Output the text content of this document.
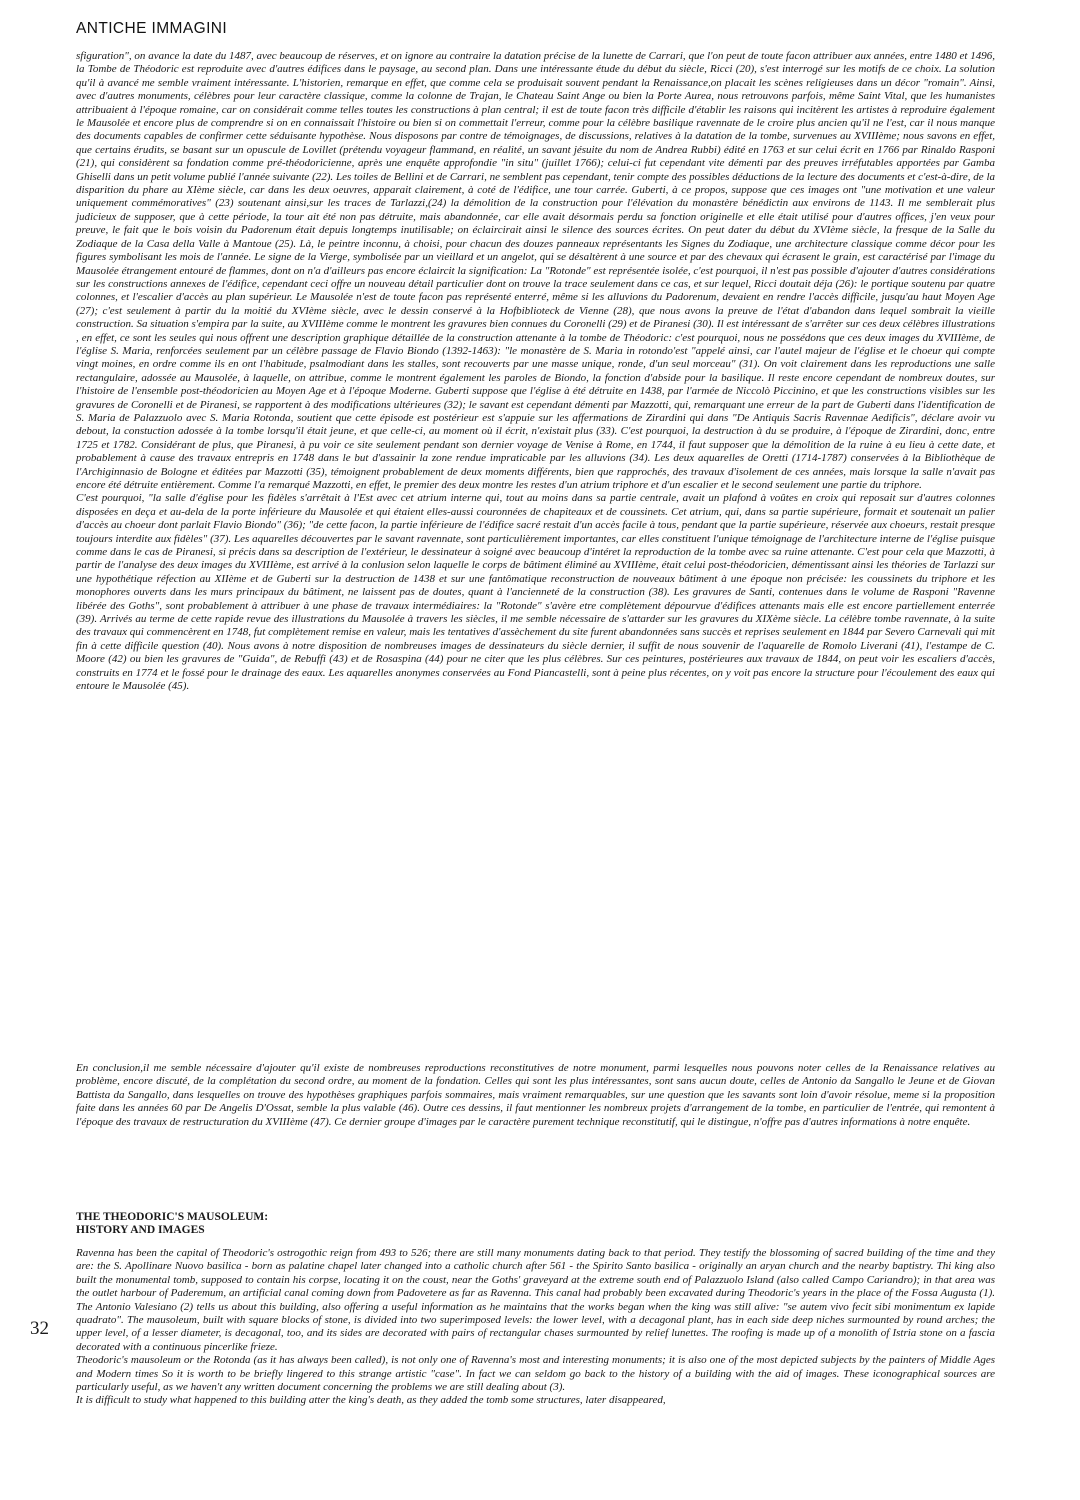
ANTICHE IMMAGINI

sfiguration", on avance la date du 1487, avec beaucoup de réserves, et on ignore au contraire la datation précise de la lunette de Carrari, que l'on peut de toute facon attribuer aux années, entre 1480 et 1496, la Tombe de Théodoric est reproduite avec d'autres édifices dans le paysage, au second plan. Dans une intéressante étude du début du siècle, Ricci (20), s'est interrogé sur les motifs de ce choix. La solution qu'il à avancé me semble vraiment intéressante. L'historien, remarque en effet, que comme cela se produisait souvent pendant la Renaissance,on placait les scènes religieuses dans un décor "romain". Ainsi, avec d'autres monuments, célèbres pour leur caractère classique, comme la colonne de Trajan, le Chateau Saint Ange ou bien la Porte Aurea, nous retrouvons parfois, même Saint Vital, que les humanistes attribuaient à l'époque romaine, car on considérait comme telles toutes les constructions à plan central; il est de toute facon très difficile d'établir les raisons qui incitèrent les artistes à reproduire également le Mausolée et encore plus de comprendre si on en connaissait l'histoire ou bien si on commettait l'erreur, comme pour la célèbre basilique ravennate de le croire plus ancien qu'il ne l'est, car il nous manque des documents capables de confirmer cette séduisante hypothèse. Nous disposons par contre de témoignages, de discussions, relatives à la datation de la tombe, survenues au XVIIIème; nous savons en effet, que certains érudits, se basant sur un opuscule de Lovillet (prétendu voyageur flammand, en réalité, un savant jésuite du nom de Andrea Rubbi) édité en 1763 et sur celui écrit en 1766 par Rinaldo Rasponi (21), qui considèrent sa fondation comme pré-théodoricienne, après une enquête approfondie "in situ" (juillet 1766); celui-ci fut cependant vite démenti par des preuves irréfutables apportées par Gamba Ghiselli dans un petit volume publié l'année suivante (22). Les toiles de Bellini et de Carrari, ne semblent pas cependant, tenir compte des possibles déductions de la lecture des documents et c'est-à-dire, de la disparition du phare au XIème siècle, car dans les deux oeuvres, apparait clairement, à coté de l'édifice, une tour carrée. Guberti, à ce propos, suppose que ces images ont "une motivation et une valeur uniquement commémoratives" (23) soutenant ainsi,sur les traces de Tarlazzi,(24) la démolition de la construction pour l'élévation du monastère bénédictin aux environs de 1143. Il me semblerait plus judicieux de supposer, que à cette période, la tour ait été non pas détruite, mais abandonnée, car elle avait désormais perdu sa fonction originelle et elle était utilisé pour d'autres offices, j'en veux pour preuve, le fait que le bois voisin du Padorenum était depuis longtemps inutilisable; on éclaircirait ainsi le silence des sources écrites. On peut dater du début du XVIème siècle, la fresque de la Salle du Zodiaque de la Casa della Valle à Mantoue (25). Là, le peintre inconnu, à choisi, pour chacun des douzes panneaux représentants les Signes du Zodiaque, une architecture classique comme décor pour les figures symbolisant les mois de l'année. Le signe de la Vierge, symbolisée par un vieillard et un angelot, qui se désaltèrent à une source et par des chevaux qui écrasent le grain, est caractérisé par l'image du Mausolée étrangement entouré de flammes, dont on n'a d'ailleurs pas encore éclaircit la signification: La "Rotonde" est représentée isolée, c'est pourquoi, il n'est pas possible d'ajouter d'autres considérations sur les constructions annexes de l'édifice, cependant ceci offre un nouveau détail particulier dont on trouve la trace seulement dans ce cas, et sur lequel, Ricci doutait déja (26): le portique soutenu par quatre colonnes, et l'escalier d'accès au plan supérieur. Le Mausolée n'est de toute facon pas représenté enterré, même si les alluvions du Padorenum, devaient en rendre l'accès difficile, jusqu'au haut Moyen Age (27); c'est seulement à partir du la moitié du XVIème siècle, avec le dessin conservé à la Hofbiblioteck de Vienne (28), que nous avons la preuve de l'état d'abandon dans lequel sombrait la vieille construction. Sa situation s'empira par la suite, au XVIIIème comme le montrent les gravures bien connues du Coronelli (29) et de Piranesi (30). Il est intéressant de s'arrêter sur ces deux célèbres illustrations , en effet, ce sont les seules qui nous offrent une description graphique détaillée de la construction attenante à la tombe de Théodoric: c'est pourquoi, nous ne possédons que ces deux images du XVIIIème, de l'église S. Maria, renforcées seulement par un célèbre passage de Flavio Biondo (1392-1463): "le monastère de S. Maria in rotondo'est "appelé ainsi, car l'autel majeur de l'église et le choeur qui compte vingt moines, en ordre comme ils en ont l'habitude, psalmodiant dans les stalles, sont recouverts par une masse unique, ronde, d'un seul morceau" (31). On voit clairement dans les reproductions une salle rectangulaire, adossée au Mausolée, à laquelle, on attribue, comme le montrent également les paroles de Biondo, la fonction d'abside pour la basilique. Il reste encore cependant de nombreux doutes, sur l'histoire de l'ensemble post-théodoricien au Moyen Age et à l'époque Moderne. Guberti suppose que l'église à été détruite en 1438, par l'armée de Niccolò Piccinino, et que les constructions visibles sur les gravures de Coronelli et de Piranesi, se rapportent à des modifications ultérieures (32); le savant est cependant démenti par Mazzotti, qui, remarquant une erreur de la part de Guberti dans l'identification de S. Maria de Palazzuolo avec S. Maria Rotonda, soutient que cette épisode est postérieur est s'appuie sur les affermations de Zirardini qui dans "De Antiquis Sacris Ravennae Aedificis", déclare avoir vu debout, la constuction adossée à la tombe lorsqu'il était jeune, et que celle-ci, au moment où il écrit, n'existait plus (33). C'est pourquoi, la destruction à du se produire, à l'époque de Zirardini, donc, entre 1725 et 1782. Considérant de plus, que Piranesi, à pu voir ce site seulement pendant son dernier voyage de Venise à Rome, en 1744, il faut supposer que la démolition de la ruine à eu lieu à cette date, et probablement à cause des travaux entrepris en 1748 dans le but d'assainir la zone rendue impraticable par les alluvions (34). Les deux aquarelles de Oretti (1714-1787) conservées à la Bibliothèque de l'Archiginnasio de Bologne et éditées par Mazzotti (35), témoignent probablement de deux moments différents, bien que rapprochés, des travaux d'isolement de ces années, mais lorsque la salle n'avait pas encore été détruite entièrement. Comme l'a remarqué Mazzotti, en effet, le premier des deux montre les restes d'un atrium triphore et d'un escalier et le second seulement une partie du triphore.

C'est pourquoi, "la salle d'église pour les fidèles s'arrêtait à l'Est avec cet atrium interne qui, tout au moins dans sa partie centrale, avait un plafond à voûtes en croix qui reposait sur d'autres colonnes disposées en deça et au-dela de la porte inférieure du Mausolée et qui étaient elles-aussi couronnées de chapiteaux et de coussinets. Cet atrium, qui, dans sa partie supérieure, formait et soutenait un palier d'accès au choeur dont parlait Flavio Biondo" (36); "de cette facon, la partie inférieure de l'édifice sacré restait d'un accès facile à tous, pendant que la partie supérieure, réservée aux choeurs, restait presque toujours interdite aux fidèles" (37). Les aquarelles découvertes par le savant ravennate, sont particulièrement importantes, car elles constituent l'unique témoignage de l'architecture interne de l'église puisque comme dans le cas de Piranesi, si précis dans sa description de l'extérieur, le dessinateur à soigné avec beaucoup d'intéret la reproduction de la tombe avec sa ruine attenante. C'est pour cela que Mazzotti, à partir de l'analyse des deux images du XVIIIème, est arrivé à la conlusion selon laquelle le corps de bâtiment éliminé au XVIIIème, était celui post-théodoricien, démentissant ainsi les théories de Tarlazzi sur une hypothétique réfection au XIIème et de Guberti sur la destruction de 1438 et sur une fantômatique reconstruction de nouveaux bâtiment à une époque non précisée: les coussinets du triphore et les monophores ouverts dans les murs principaux du bâtiment, ne laissent pas de doutes, quant à l'ancienneté de la construction (38). Les gravures de Santi, contenues dans le volume de Rasponi "Ravenne libérée des Goths", sont probablement à attribuer à une phase de travaux intermédiaires: la "Rotonde" s'avère etre complètement dépourvue d'édifices attenants mais elle est encore partiellement enterrée (39). Arrivés au terme de cette rapide revue des illustrations du Mausolée à travers les siècles, il me semble nécessaire de s'attarder sur les gravures du XIXème siècle. La célèbre tombe ravennate, à la suite des travaux qui commencèrent en 1748, fut complètement remise en valeur, mais les tentatives d'assèchement du site furent abandonnées sans succès et reprises seulement en 1844 par Severo Carnevali qui mit fin à cette difficile question (40). Nous avons à notre disposition de nombreuses images de dessinateurs du siècle dernier, il suffit de nous souvenir de l'aquarelle de Romolo Liverani (41), l'estampe de C. Moore (42) ou bien les gravures de "Guida", de Rebuffi (43) et de Rosaspina (44) pour ne citer que les plus célèbres. Sur ces peintures, postérieures aux travaux de 1844, on peut voir les escaliers d'accès, construits en 1774 et le fossé pour le drainage des eaux. Les aquarelles anonymes conservées au Fond Piancastelli, sont à peine plus récentes, on y voit pas encore la structure pour l'écoulement des eaux qui entoure le Mausolée (45).

En conclusion,il me semble nécessaire d'ajouter qu'il existe de nombreuses reproductions reconstitutives de notre monument, parmi lesquelles nous pouvons noter celles de la Renaissance relatives au problème, encore discuté, de la complétation du second ordre, au moment de la fondation. Celles qui sont les plus intéressantes, sont sans aucun doute, celles de Antonio da Sangallo le Jeune et de Giovan Battista da Sangallo, dans lesquelles on trouve des hypothèses graphiques parfois sommaires, mais vraiment remarquables, sur une question que les savants sont loin d'avoir résolue, meme si la proposition faite dans les années 60 par De Angelis D'Ossat, semble la plus valable (46). Outre ces dessins, il faut mentionner les nombreux projets d'arrangement de la tombe, en particulier de l'entrée, qui remontent à l'époque des travaux de restructuration du XVIIIème (47). Ce dernier groupe d'images par le caractère purement technique reconstitutif, qui le distingue, n'offre pas d'autres informations à notre enquête.

THE THEODORIC'S MAUSOLEUM:
HISTORY AND IMAGES

Ravenna has been the capital of Theodoric's ostrogothic reign from 493 to 526; there are still many monuments dating back to that period. They testify the blossoming of sacred building of the time and they are: the S. Apollinare Nuovo basilica - born as palatine chapel later changed into a catholic church after 561 - the Spirito Santo basilica - originally an aryan church and the nearby baptistry. Thi king also built the monumental tomb, supposed to contain his corpse, locating it on the coust, near the Goths' graveyard at the extreme south end of Palazzuolo Island (also called Campo Cariandro); in that area was the outlet harbour of Paderemum, an artificial canal coming down from Padovetere as far as Ravenna. This canal had probably been excavated during Theodoric's years in the place of the Fossa Augusta (1). The Antonio Valesiano (2) tells us about this building, also offering a useful information as he maintains that the works began when the king was still alive: "se autem vivo fecit sibi monimentum ex lapide quadrato". The mausoleum, built with square blocks of stone, is divided into two superimposed levels: the lower level, with a decagonal plant, has in each side deep niches surmounted by round arches; the upper level, of a lesser diameter, is decagonal, too, and its sides are decorated with pairs of rectangular chases surmounted by relief lunettes. The roofing is made up of a monolith of Istria stone on a fascia decorated with a continuous pincerlike frieze.

Theodoric's mausoleum or the Rotonda (as it has always been called), is not only one of Ravenna's most and interesting monuments; it is also one of the most depicted subjects by the painters of Middle Ages and Modern times So it is worth to be briefly lingered to this strange artistic "case". In fact we can seldom go back to the history of a building with the aid of images. These iconographical sources are particularly useful, as we haven't any written document concerning the problems we are still dealing about (3).

It is difficult to study what happened to this building atter the king's death, as they added the tomb some structures, later disappeared,

32
